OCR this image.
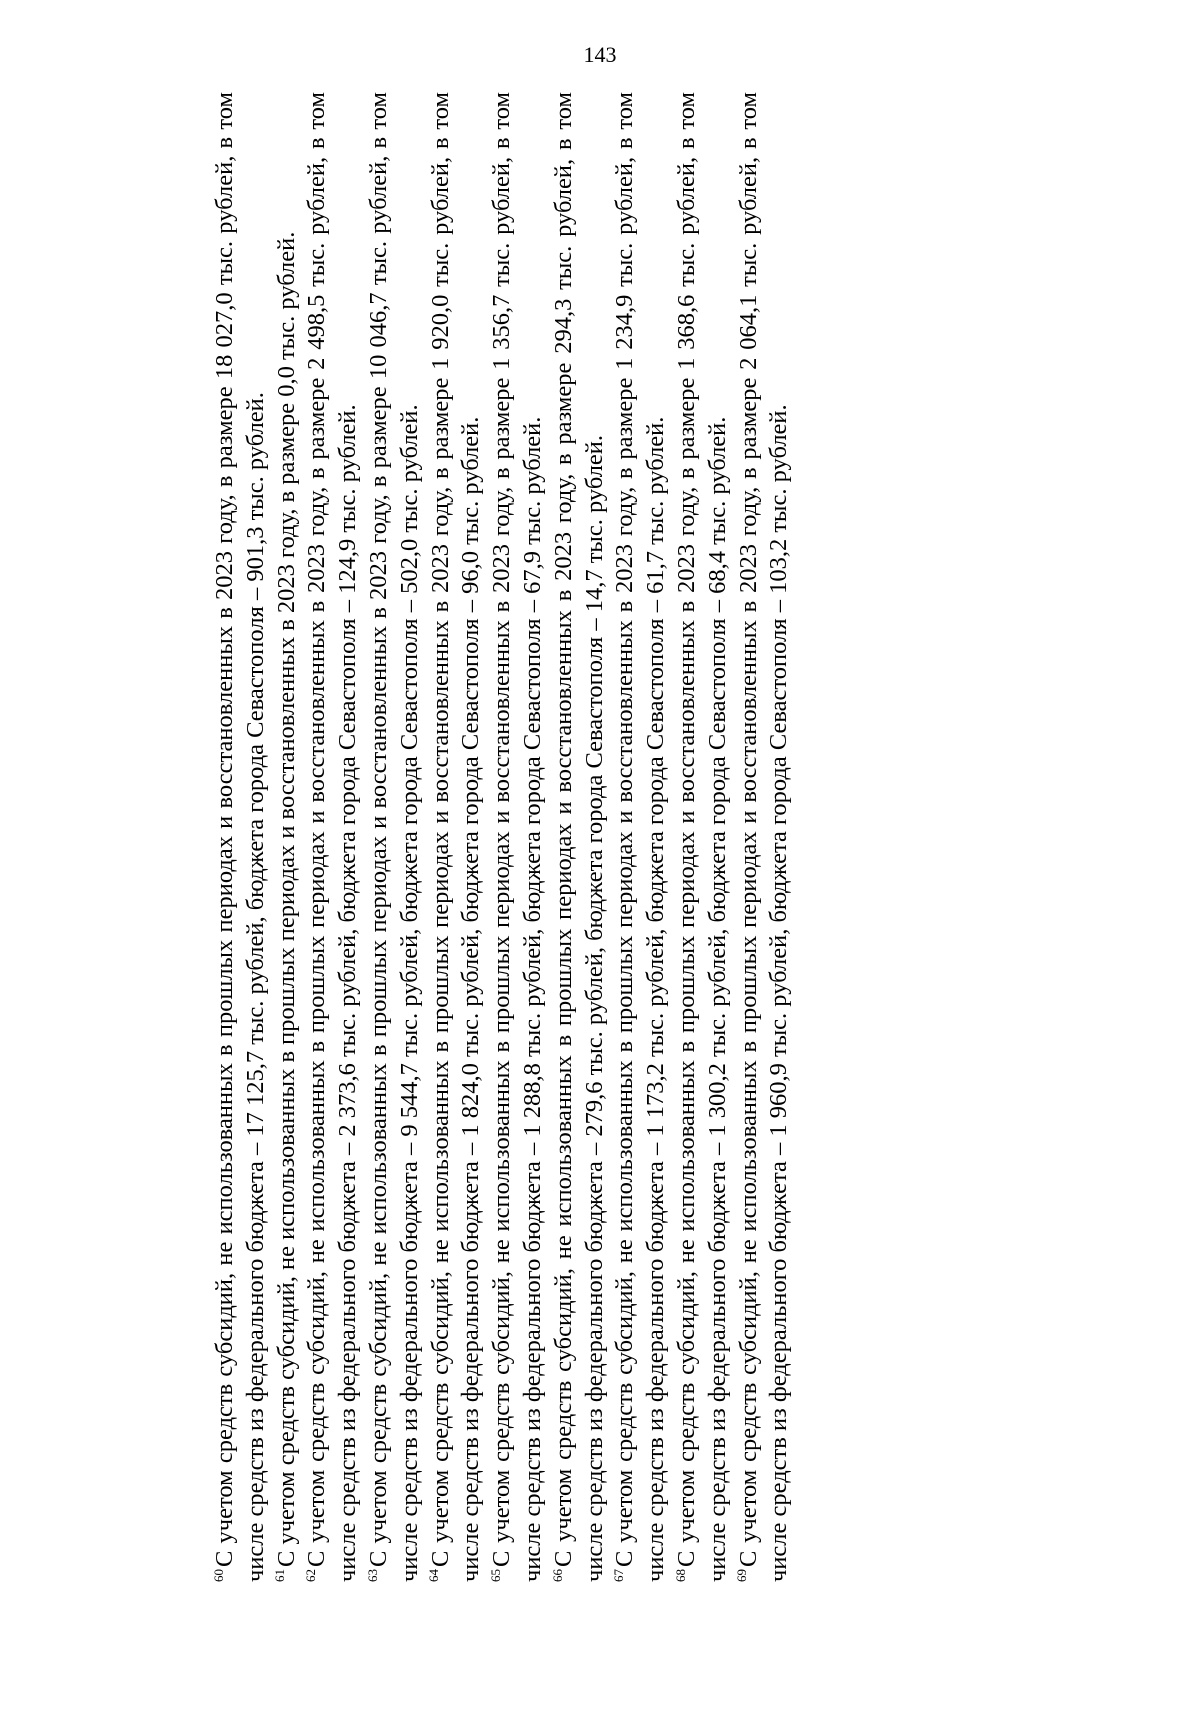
143

$^{60}$С учетом средств субсидий, не использованных в прошлых периодах и восстановленных в 2023 году, в размере 18 027,0 тыс. рублей, в том числе средств из федерального бюджета – 17 125,7 тыс. рублей, бюджета города Севастополя – 901,3 тыс. рублей. $^{61}$С учетом средств субсидий, не использованных в прошлых периодах и восстановленных в 2023 году, в размере 0,0 тыс. рублей.

$^{62}$С учетом средств субсидий, не использованных в прошлых периодах и восстановленных в 2023 году, в размере 2 498,5 тыс. рублей, в том числе средств из федерального бюджета – 2 373,6 тыс. рублей, бюджета города Севастополя – 124,9 тыс. рублей. $^{63}$С учетом средств субсидий, не использованных в прошлых периодах и восстановленных в 2023 году, в размере 10 046,7 тыс. рублей, в том числе средств из федерального бюджета – 9 544,7 тыс. рублей, бюджета города Севастополя – 502,0 тыс. рублей. $^{64}$С учетом средств субсидий, не использованных в прошлых периодах и восстановленных в 2023 году, в размере 1 920,0 тыс. рублей, в том числе средств из федерального бюджета – 1 824,0 тыс. рублей, бюджета города Севастополя – 96,0 тыс. рублей. $^{65}$С учетом средств субсидий, не использованных в прошлых периодах и восстановленных в 2023 году, в размере 1 356,7 тыс. рублей, в том числе средств из федерального бюджета – 1 288,8 тыс. рублей, бюджета города Севастополя – 67,9 тыс. рублей. $^{66}$С учетом средств субсидий, не использованных в прошлых периодах и восстановленных в 2023 году, в размере 294,3 тыс. рублей, в том числе средств из федерального бюджета – 279,6 тыс. рублей, бюджета города Севастополя – 14,7 тыс. рублей. $^{67}$С учетом средств субсидий, не использованных в прошлых периодах и восстановленных в 2023 году, в размере 1 234,9 тыс. рублей, в том числе средств из федерального бюджета – 1 173,2 тыс. рублей, бюджета города Севастополя – 61,7 тыс. рублей. $^{68}$С учетом средств субсидий, не использованных в прошлых периодах и восстановленных в 2023 году, в размере 1 368,6 тыс. рублей, в том числе средств из федерального бюджета – 1 300,2 тыс. рублей, бюджета города Севастополя – 68,4 тыс. рублей. $^{69}$С учетом средств субсидий, не использованных в прошлых периодах и восстановленных в 2023 году, в размере 2 064,1 тыс. рублей, в том числе средств из федерального бюджета – 1 960,9 тыс. рублей, бюджета города Севастополя – 103,2 тыс. рублей.
